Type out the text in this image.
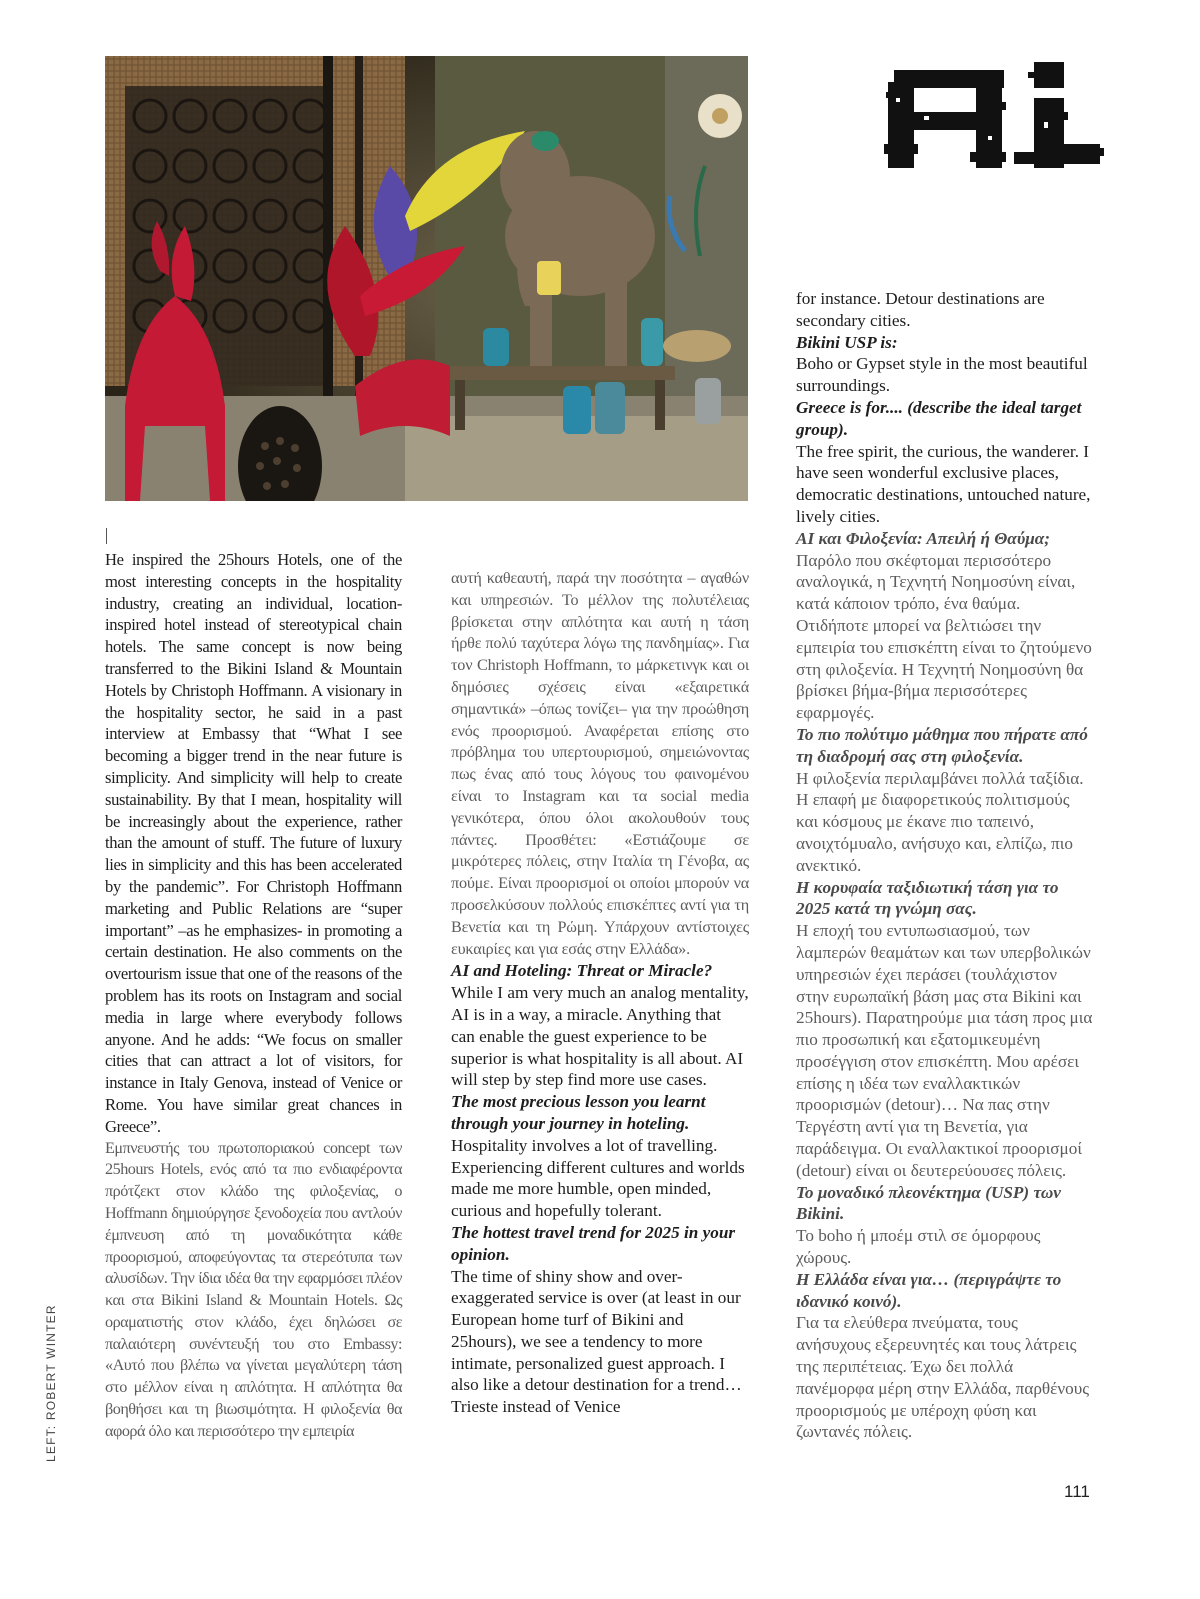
He inspired the 25hours Hotels, one of the most interesting concepts in the hospitality industry, creating an individual, location-inspired hotel instead of stereotypical chain hotels. The same concept is now being transferred to the Bikini Island & Mountain Hotels by Christoph Hoffmann. A visionary in the hospitality sector, he said in a past interview at Embassy that “What I see becoming a bigger trend in the near future is simplicity. And simplicity will help to create sustainability. By that I mean, hospitality will be increasingly about the experience, rather than the amount of stuff. The future of luxury lies in simplicity and this has been accelerated by the pandemic”. For Christoph Hoffmann marketing and Public Relations are “super important” –as he emphasizes- in promoting a certain destination. He also comments on the overtourism issue that one of the reasons of the problem has its roots on Instagram and social media in large where everybody follows anyone. And he adds: “We focus on smaller cities that can attract a lot of visitors, for instance in Italy Genova, instead of Venice or Rome. You have similar great chances in Greece”.

Εμπνευστής του πρωτοποριακού concept των 25hours Hotels, ενός από τα πιο ενδιαφέροντα πρότζεκτ στον κλάδο της φιλοξενίας, ο Hoffmann δημιούργησε ξενοδοχεία που αντλούν έμπνευση από τη μοναδικότητα κάθε προορισμού, αποφεύγοντας τα στερεότυπα των αλυσίδων. Την ίδια ιδέα θα την εφαρμόσει πλέον και στα Bikini Island & Mountain Hotels. Ως οραματιστής στον κλάδο, έχει δηλώσει σε παλαιότερη συνέντευξή του στο Embassy: «Αυτό που βλέπω να γίνεται μεγαλύτερη τάση στο μέλλον είναι η απλότητα. Η απλότητα θα βοηθήσει και τη βιωσιμότητα. Η φιλοξενία θα αφορά όλο και περισσότερο την εμπειρία

αυτή καθεαυτή, παρά την ποσότητα – αγαθών και υπηρεσιών. Το μέλλον της πολυτέλειας βρίσκεται στην απλότητα και αυτή η τάση ήρθε πολύ ταχύτερα λόγω της πανδημίας». Για τον Christoph Hoffmann, το μάρκετινγκ και οι δημόσιες σχέσεις είναι «εξαιρετικά σημαντικά» –όπως τονίζει– για την προώθηση ενός προορισμού. Αναφέρεται επίσης στο πρόβλημα του υπερτουρισμού, σημειώνοντας πως ένας από τους λόγους του φαινομένου είναι το Instagram και τα social media γενικότερα, όπου όλοι ακολουθούν τους πάντες. Προσθέτει: «Εστιάζουμε σε μικρότερες πόλεις, στην Ιταλία τη Γένοβα, ας πούμε. Είναι προορισμοί οι οποίοι μπορούν να προσελκύσουν πολλούς επισκέπτες αντί για τη Βενετία και τη Ρώμη. Υπάρχουν αντίστοιχες ευκαιρίες και για εσάς στην Ελλάδα».

AI and Hoteling: Threat or Miracle?

While I am very much an analog mentality, AI is in a way, a miracle. Anything that can enable the guest experience to be superior is what hospitality is all about. AI will step by step find more use cases.

The most precious lesson you learnt through your journey in hoteling.

Hospitality involves a lot of travelling. Experiencing different cultures and worlds made me more humble, open minded, curious and hopefully tolerant.

The hottest travel trend for 2025 in your opinion.

The time of shiny show and over-exaggerated service is over (at least in our European home turf of Bikini and 25hours), we see a tendency to more intimate, personalized guest approach. I also like a detour destination for a trend… Trieste instead of Venice

for instance. Detour destinations are secondary cities.

Bikini USP is:

Boho or Gypset style in the most beautiful surroundings.

Greece is for.... (describe the ideal target group).

The free spirit, the curious, the wanderer. I have seen wonderful exclusive places, democratic destinations, untouched nature, lively cities.

AI και Φιλοξενία: Απειλή ή Θαύμα;

Παρόλο που σκέφτομαι περισσότερο αναλογικά, η Τεχνητή Νοημοσύνη είναι, κατά κάποιον τρόπο, ένα θαύμα. Οτιδήποτε μπορεί να βελτιώσει την εμπειρία του επισκέπτη είναι το ζητούμενο στη φιλοξενία. Η Τεχνητή Νοημοσύνη θα βρίσκει βήμα-βήμα περισσότερες εφαρμογές.

Το πιο πολύτιμο μάθημα που πήρατε από τη διαδρομή σας στη φιλοξενία.

Η φιλοξενία περιλαμβάνει πολλά ταξίδια. Η επαφή με διαφορετικούς πολιτισμούς και κόσμους με έκανε πιο ταπεινό, ανοιχτόμυαλο, ανήσυχο και, ελπίζω, πιο ανεκτικό.

Η κορυφαία ταξιδιωτική τάση για το 2025 κατά τη γνώμη σας.

Η εποχή του εντυπωσιασμού, των λαμπερών θεαμάτων και των υπερβολικών υπηρεσιών έχει περάσει (τουλάχιστον στην ευρωπαϊκή βάση μας στα Bikini και 25hours). Παρατηρούμε μια τάση προς μια πιο προσωπική και εξατομικευμένη προσέγγιση στον επισκέπτη. Μου αρέσει επίσης η ιδέα των εναλλακτικών προορισμών (detour)… Να πας στην Τεργέστη αντί για τη Βενετία, για παράδειγμα. Οι εναλλακτικοί προορισμοί (detour) είναι οι δευτερεύουσες πόλεις.

Το μοναδικό πλεονέκτημα (USP) των Bikini.

Το boho ή μποέμ στιλ σε όμορφους χώρους.

Η Ελλάδα είναι για… (περιγράψτε το ιδανικό κοινό).

Για τα ελεύθερα πνεύματα, τους ανήσυχους εξερευνητές και τους λάτρεις της περιπέτειας. Έχω δει πολλά πανέμορφα μέρη στην Ελλάδα, παρθένους προορισμούς με υπέροχη φύση και ζωντανές πόλεις.

LEFT: ROBERT WINTER
111
